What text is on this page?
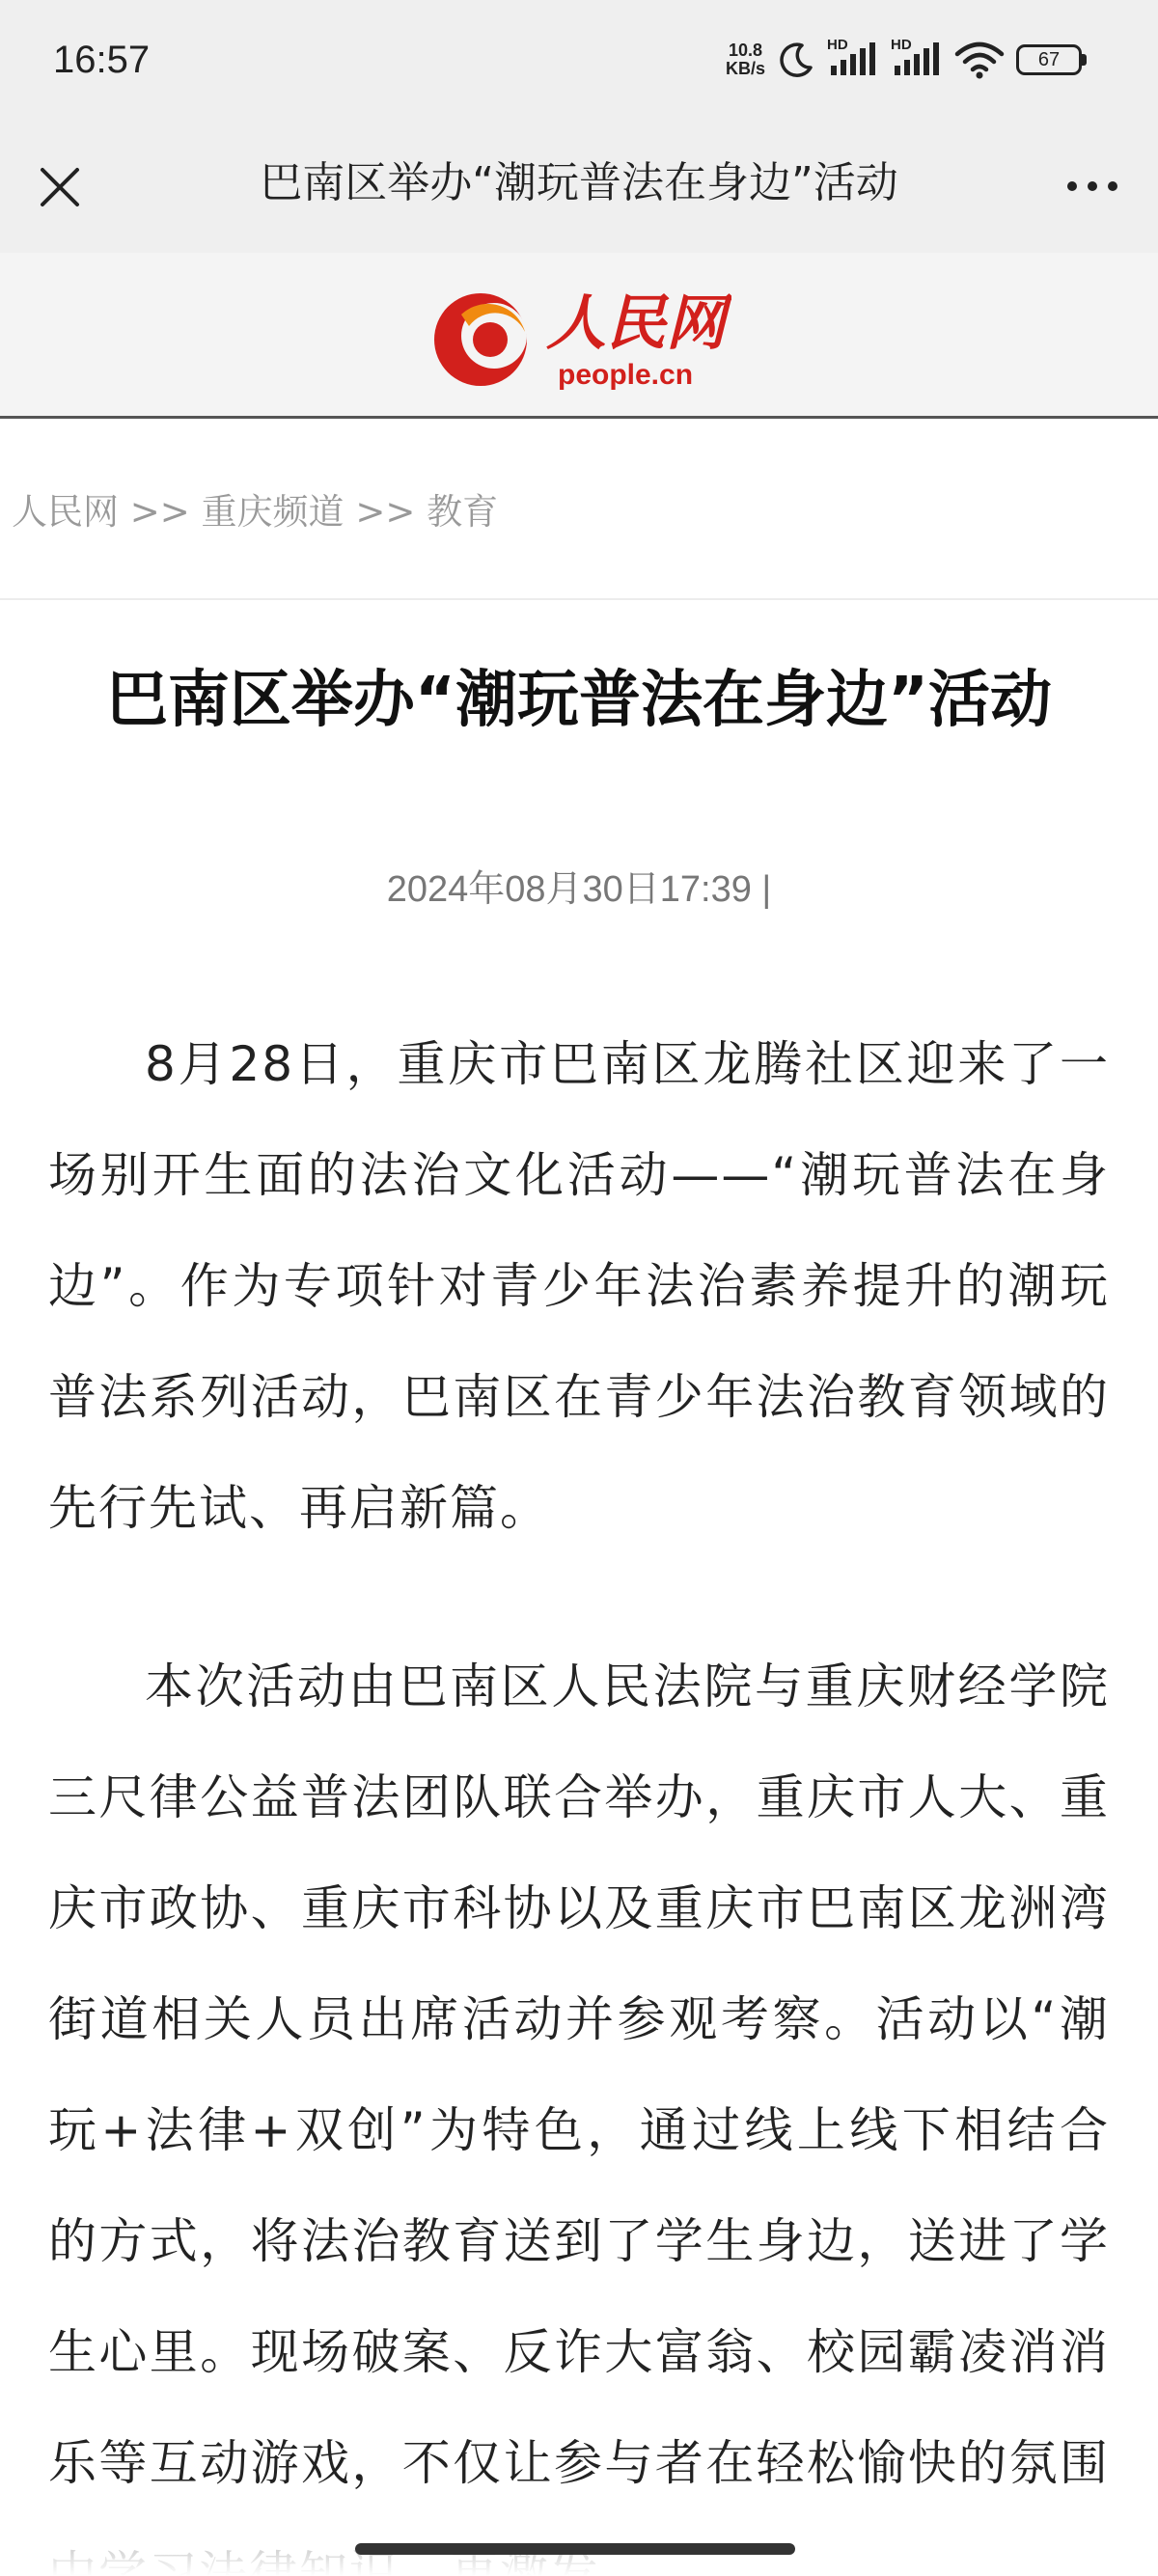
16:57	10.8
KB/s
HD	HD
67
巴南区举办“潮玩普法在身边”活动
人民网
people.cn
人民网 >> 重庆频道 >> 教育
巴南区举办“潮玩普法在身边”活动
2024年08月30日17:39 |

8月28日，重庆市巴南区龙腾社区迎来了一场别开生面的法治文化活动——“潮玩普法在身边”。作为专项针对青少年法治素养提升的潮玩普法系列活动，巴南区在青少年法治教育领域的先行先试、再启新篇。

本次活动由巴南区人民法院与重庆财经学院三尺律公益普法团队联合举办，重庆市人大、重庆市政协、重庆市科协以及重庆市巴南区龙洲湾街道相关人员出席活动并参观考察。活动以“潮玩+法律+双创”为特色，通过线上线下相结合的方式，将法治教育送到了学生身边，送进了学生心里。现场破案、反诈大富翁、校园霸凌消消乐等互动游戏，不仅让参与者在轻松愉快的氛围
